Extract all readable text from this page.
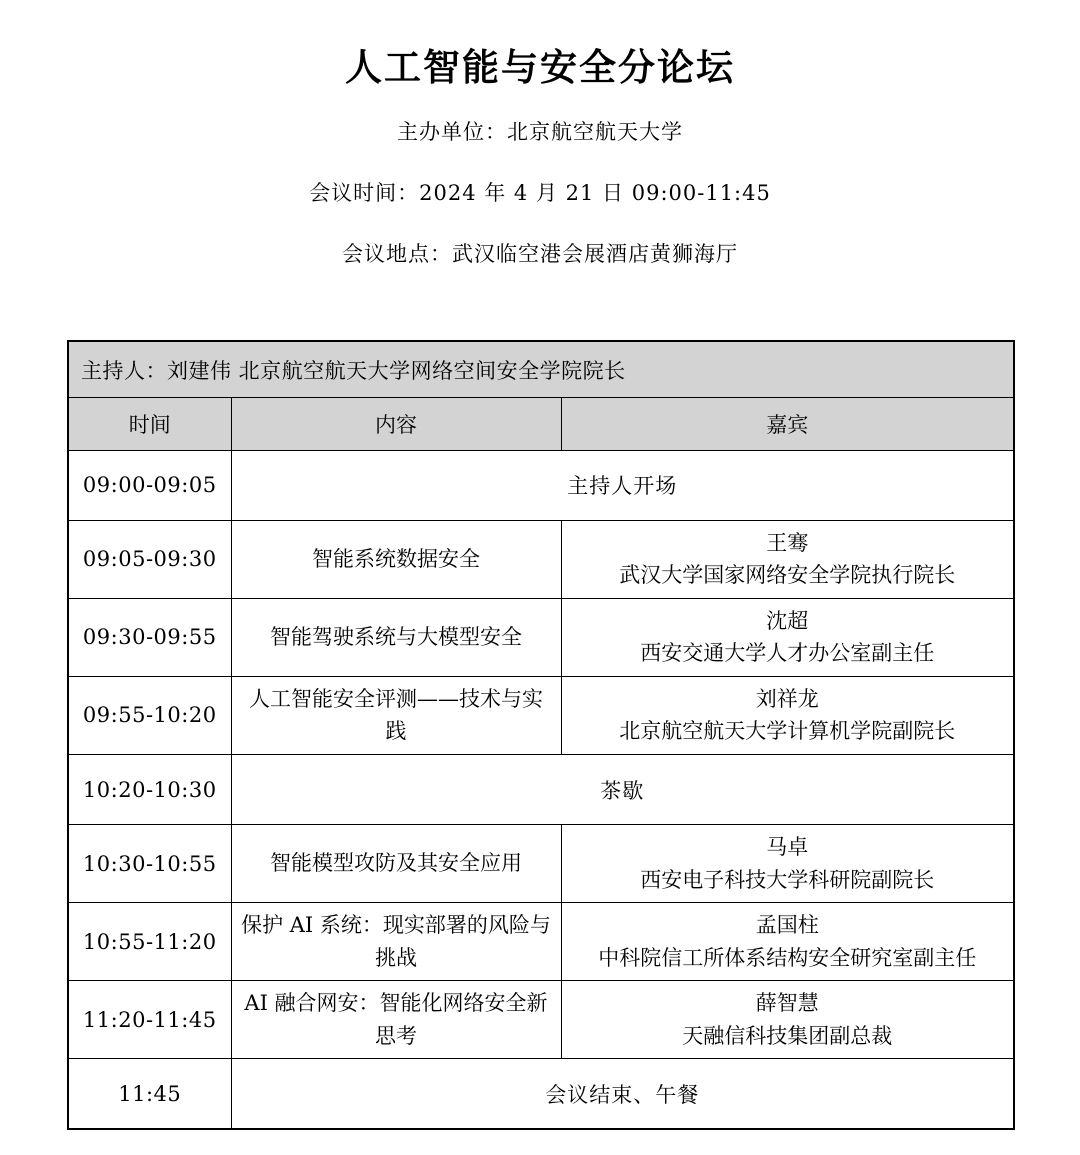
人工智能与安全分论坛
主办单位：北京航空航天大学
会议时间：2024 年 4 月 21 日 09:00-11:45
会议地点：武汉临空港会展酒店黄狮海厅
主持人：刘建伟 北京航空航天大学网络空间安全学院院长		
时间	内容	嘉宾
09:00-09:05	主持人开场	
09:05-09:30	智能系统数据安全	王骞
武汉大学国家网络安全学院执行院长

09:30-09:55	智能驾驶系统与大模型安全	沈超
西安交通大学人才办公室副主任

09:55-10:20	人工智能安全评测——技术与实践	刘祥龙
北京航空航天大学计算机学院副院长

10:20-10:30	茶歇	
10:30-10:55	智能模型攻防及其安全应用	马卓
西安电子科技大学科研院副院长

10:55-11:20	保护 AI 系统：现实部署的风险与挑战	孟国柱
中科院信工所体系结构安全研究室副主任

11:20-11:45	AI 融合网安：智能化网络安全新思考	薛智慧
天融信科技集团副总裁

11:45	会议结束、午餐	
